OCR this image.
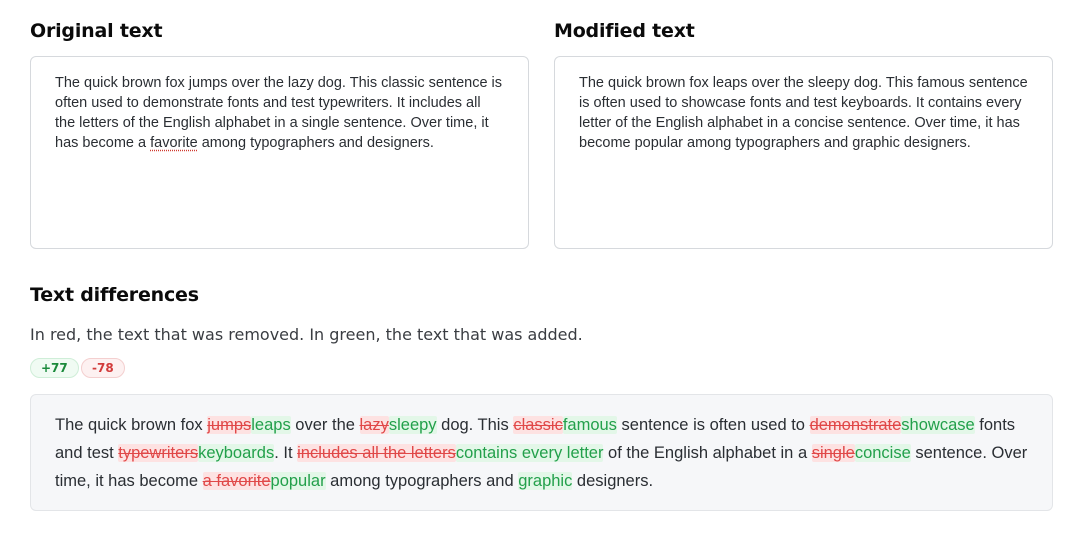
Original text	Modified text
The quick brown fox jumps over the lazy dog. This classic sentence is often used to demonstrate fonts and test typewriters. It includes all the letters of the English alphabet in a single sentence. Over time, it has become a favorite among typographers and designers.
The quick brown fox leaps over the sleepy dog. This famous sentence is often used to showcase fonts and test keyboards. It contains every letter of the English alphabet in a concise sentence. Over time, it has become popular among typographers and graphic designers.
Text differences
In red, the text that was removed. In green, the text that was added.
+77	-78
The quick brown fox jumpsleaps over the lazysleepy dog. This classicfamous sentence is often used to demonstrateshowcase fonts and test typewriterskeyboards. It includes all the letterscontains every letter of the English alphabet in a singleconcise sentence. Over time, it has become a favoritepopular among typographers and graphic designers.
